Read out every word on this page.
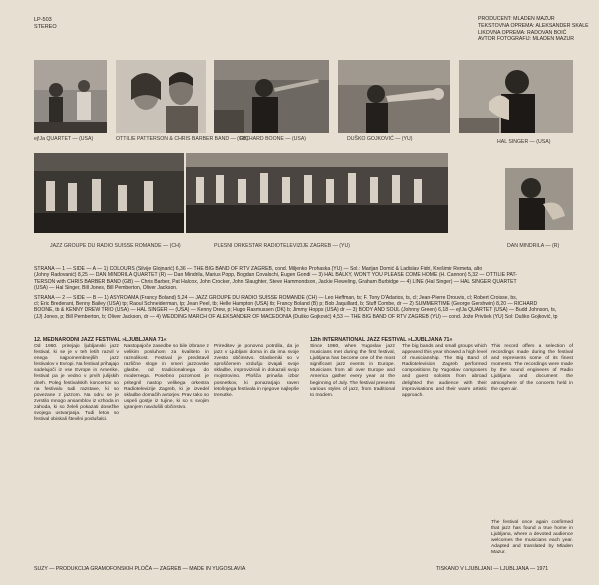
LP-503
STEREO
PRODUCENT: MLADEN MAZUR
TEKSTOVNA OPREMA: ALEKSANDER SKALE
LIKOVNA OPREMA: RADOVAN BOIĆ
AVTOR FOTOGRAFIJ: MLADEN MAZUR
ej!Ja QUARTET — (USA)	OTTILIE PATTERSON & CHRIS BARBER BAND — (GB)
RICHARD BOONE — (USA)	DUŠKO GOJKOVIĆ — (YU)	HAL SINGER — (USA)
JAZZ GROUPE DU RADIO SUISSE ROMANDE — (CH)	PLESNI ORKESTAR RADIOTELEVIZIJE ZAGREB — (YU)	DAN MINDRILA — (R)
STRANA — 1 — SIDE — A — 1) COLOURS (Silvije Glojnarić) 6,36 — THE BIG BAND OF RTV ZAGREB, cond. Miljenko Prohaska (YU) — Sol.: Marijan Domić & Ladislav Fidri, Krešimir Remeta, alto
(Johny Radovanić) 8,25 — DAN MINDRILA QUARTET (R) — Dan Mindrila, Marius Popp, Bogdan Covalschi, Eugen Gondi — 3) HAL BALKY, WON'T YOU PLEASE COME HOME (H. Cannon) 5,32 — OTTILIE PAT-
TERSON with CHRIS BARBER BAND (GB) — Chris Barber, Pat Halcox, John Crocker, John Slaughter, Steve Hammondson, Jackie Fleweling, Graham Burbidge — 4) LINE (Hal Singer) — HAL SINGER QUARTET
(USA) — Hal Singer, Bill Jones, Bill Pemberton, Oliver Jackson.
STRANA — 2 — SIDE — B — 1) ASYROAMA (Francy Boland) 5,24 — JAZZ GROUPE DU RADIO SUISSE ROMANDE (CH) — Leo Heffman, ts; F. Tony D'Adarios, ts, cl; Jean-Pierre Drouvis, cl; Robert Croisse, bs,
cl; Eric Brederant, Benny Bailey (USA) tp; Raoul Schneiderman, tp; Jean Peel, tb; Helle Hampton (USA) tb; Francy Boland (B) p; Bob Jaquillard, b; Stuff Combe, dr — 2) SUMMERTIME (George Gershwin) 8,20 — RICHARD
BOONE, tb & KENNY DREW TRIO (USA) — HAL SINGER — (USA) — Kenny Drew, p; Hugo Rasmussen (DK) b; Jimmy Hopps (USA) dr — 3) BODY AND SOUL (Johnny Green) 6,18 — ej!Ja QUARTET (USA) — Budd Johnson, ts,
(JJ) Jones, p; Bill Pemberton, b; Oliver Jackson, dr — 4) WEDDING MARCH OF ALEKSANDER OF MACEDONIA (Duško Gojković) 4,53 — THE BIG BAND OF RTV ZAGREB (YU) — cond. Jože Privšek (YU) Sol: Duško Gojković, tp
12. MEDNARODNI JAZZ FESTIVAL »LJUBLJANA 71«	12th INTERNATIONAL JAZZ FESTIVAL »LJUBLJANA 71«
Od 1960. prirejajo ljubljanski jazz festival, ki se je v teh letih razvil v enega najpomembnejših jazz festivalov v Evropi. Na festival prihajajo sodelujoči iz vse Evrope in Amerike, festival pa je vedno v prvih julijskih dneh. Poleg festivalskih koncertov so na festivalu tudi razstave, ki so povezane z jazzom. Na odru se je zvrstilo mnogo ansamblov iz vzhoda in zahoda, ki so želeli pokazati dosežke svojega ustvarjanja. Tudi letos so festival obiskali številni poslušalci.
Nastopajoče zasedbe so bile izbrane z velikim posluhom za kvaliteto in raznolikost. Festival je predstavil različne sloge in smeri jazzovske glasbe, od tradicionalnega do modernega. Posebno pozornost je pritegnil nastop velikega orkestra Radiotelevizije Zagreb, ki je izvedel skladbe domačih avtorjev. Prav tako so uspeli gostje iz tujine, ki so s svojim igranjem navdušili občinstvo.
Prireditev je ponovno potrdila, da je jazz v Ljubljani doma in da ima svoje zvesto občinstvo. Glasbeniki so v sproščenem vzdušju izvajali svoje skladbe, improvizirali in dokazali svojo mojstrovino. Plošča prinaša izbor posnetkov, ki ponazarjajo raven letošnjega festivala in njegove najlepše trenutke.
Since 1960, when Yugoslav jazz musicians met during the first festival, Ljubljana has become one of the most significant jazz events in Europe. Musicians from all over Europe and America gather every year at the beginning of July. The festival presents various styles of jazz, from traditional to modern.
The big bands and small groups which appeared this year showed a high level of musicianship. The Big Band of Radiotelevision Zagreb performed compositions by Yugoslav composers and guest soloists from abroad delighted the audience with their improvisations and their warm artistic approach.
This record offers a selection of recordings made during the festival and represents some of its finest moments. The recordings were made by the sound engineers of Radio Ljubljana and document the atmosphere of the concerts held in the open air.
The festival once again confirmed that jazz has found a true home in Ljubljana, where a devoted audience welcomes the musicians each year. Adapted and translated by Mladen Mazur.
SUZY — PRODUKCIJA GRAMOFONSKIH PLOČA — ZAGREB — MADE IN YUGOSLAVIA	TISKANO V LJUBLJANI — LJUBLJANA — 1971
